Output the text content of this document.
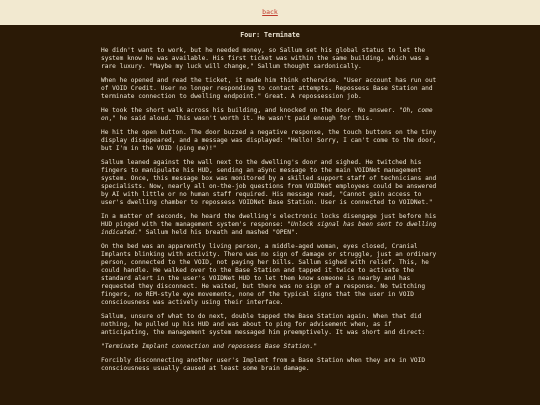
back
Four: Terminate

He didn't want to work, but he needed money, so Sallum set his global status to let the system know he was available. His first ticket was within the same building, which was a rare luxury. "Maybe my luck will change," Sallum thought sardonically.

When he opened and read the ticket, it made him think otherwise. "User account has run out of VOID Credit. User no longer responding to contact attempts. Repossess Base Station and terminate connection to dwelling endpoint." Great. A repossession job.

He took the short walk across his building, and knocked on the door. No answer. "Oh, come on," he said aloud. This wasn't worth it. He wasn't paid enough for this.

He hit the open button. The door buzzed a negative response, the touch buttons on the tiny display disappeared, and a message was displayed: "Hello! Sorry, I can't come to the door, but I'm in the VOID (ping me)!"

Sallum leaned against the wall next to the dwelling's door and sighed. He twitched his fingers to manipulate his HUD, sending an aSync message to the main VOIDNet management system. Once, this message box was monitored by a skilled support staff of technicians and specialists. Now, nearly all on-the-job questions from VOIDNet employees could be answered by AI with little or no human staff required. His message read, "Cannot gain access to user's dwelling chamber to repossess VOIDNet Base Station. User is connected to VOIDNet."

In a matter of seconds, he heard the dwelling's electronic locks disengage just before his HUD pinged with the management system's response: "Unlock signal has been sent to dwelling indicated." Sallum held his breath and mashed "OPEN".

On the bed was an apparently living person, a middle-aged woman, eyes closed, Cranial Implants blinking with activity. There was no sign of damage or struggle, just an ordinary person, connected to the VOID, not paying her bills. Sallum sighed with relief. This, he could handle. He walked over to the Base Station and tapped it twice to activate the standard alert in the user's VOIDNet HUD to let them know someone is nearby and has requested they disconnect. He waited, but there was no sign of a response. No twitching fingers, no REM-style eye movements, none of the typical signs that the user in VOID consciousness was actively using their interface.

Sallum, unsure of what to do next, double tapped the Base Station again. When that did nothing, he pulled up his HUD and was about to ping for advisement when, as if anticipating, the management system messaged him preemptively. It was short and direct:

"Terminate Implant connection and repossess Base Station."

Forcibly disconnecting another user's Implant from a Base Station when they are in VOID consciousness usually caused at least some brain damage.
